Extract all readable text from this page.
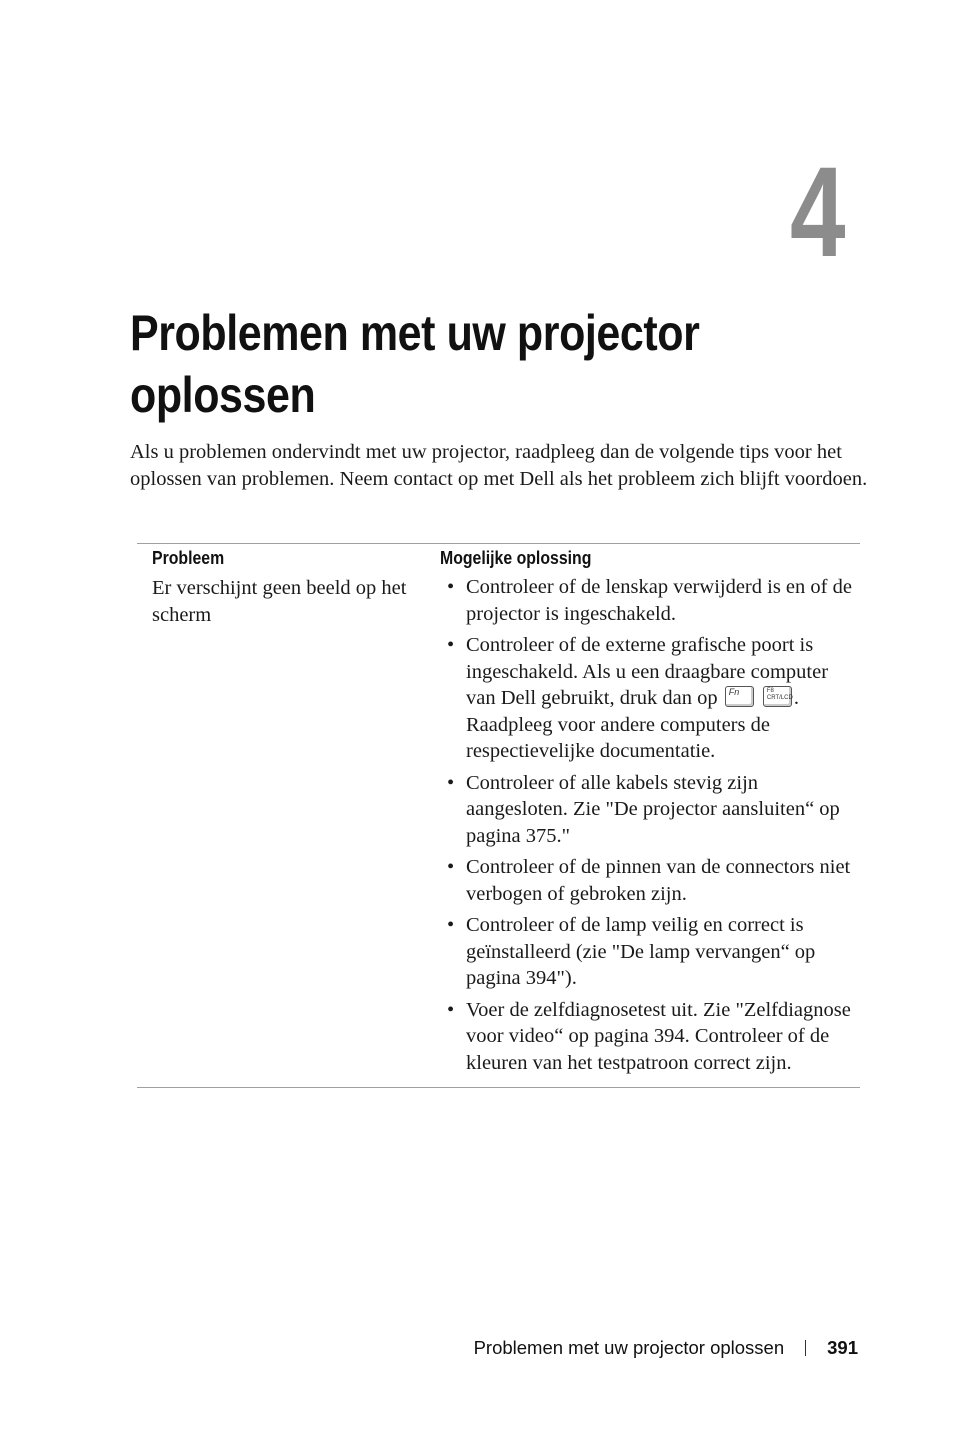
4
Problemen met uw projector
oplossen

Als u problemen ondervindt met uw projector, raadpleeg dan de volgende tips voor het oplossen van problemen. Neem contact op met Dell als het probleem zich blijft voordoen.

Probleem	Mogelijke oplossing
Er verschijnt geen beeld op het scherm
• Controleer of de lenskap verwijderd is en of de projector is ingeschakeld.
• Controleer of de externe grafische poort is ingeschakeld. Als u een draagbare computer van Dell gebruikt, druk dan op Fn
	F8 CRT/LCD . Raadpleeg voor andere computers de respectievelijke documentatie.
• Controleer of alle kabels stevig zijn aangesloten. Zie "De projector aansluiten“ op pagina 375."
• Controleer of de pinnen van de connectors niet verbogen of gebroken zijn.
• Controleer of de lamp veilig en correct is geïnstalleerd (zie "De lamp vervangen“ op pagina 394").
• Voer de zelfdiagnosetest uit. Zie "Zelfdiagnose voor video“ op pagina 394. Controleer of de kleuren van het testpatroon correct zijn.
Problemen met uw projector oplossen 391
